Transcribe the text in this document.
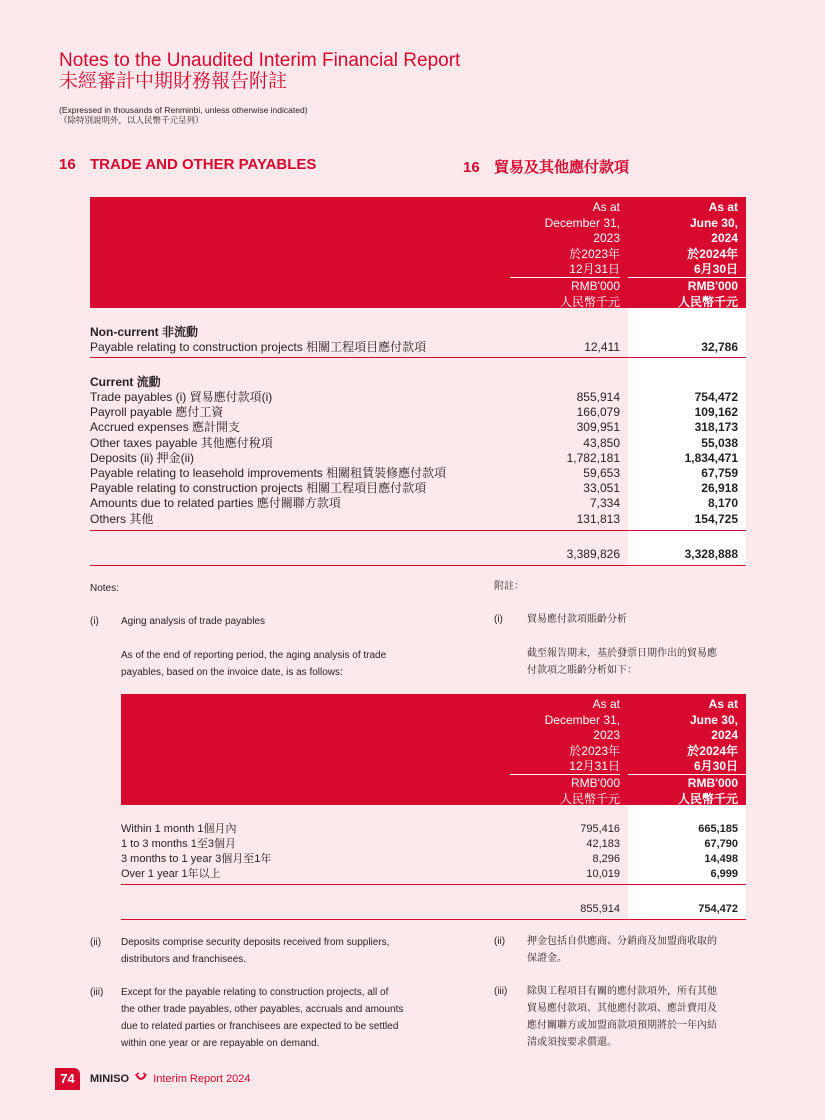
Notes to the Unaudited Interim Financial Report
未經審計中期財務報告附註
(Expressed in thousands of Renminbi, unless otherwise indicated)
（除特別說明外，以人民幣千元呈列）
16 TRADE AND OTHER PAYABLES	16 貿易及其他應付款項
As at
December 31,
2023
於2023年
12月31日
RMB'000
人民幣千元
As at
June 30,
2024
於2024年
6月30日
RMB'000
人民幣千元
Non-current 非流動
Payable relating to construction projects 相關工程項目應付款項	12,411	32,786
Current 流動
Trade payables (i) 貿易應付款項(i)	855,914	754,472
Payroll payable 應付工資	166,079	109,162
Accrued expenses 應計開支	309,951	318,173
Other taxes payable 其他應付稅項	43,850	55,038
Deposits (ii) 押金(ii)	1,782,181	1,834,471
Payable relating to leasehold improvements 相關租賃裝修應付款項	59,653	67,759
Payable relating to construction projects 相關工程項目應付款項	33,051	26,918
Amounts due to related parties 應付關聯方款項	7,334	8,170
Others 其他	131,813	154,725
3,389,826	3,328,888
Notes:	附註：
(i) Aging analysis of trade payables	(i) 貿易應付款項賬齡分析
As of the end of reporting period, the aging analysis of trade
payables, based on the invoice date, is as follows:
截至報告期末，基於發票日期作出的貿易應
付款項之賬齡分析如下：
As at
December 31,
2023
於2023年
12月31日
RMB'000
人民幣千元
As at
June 30,
2024
於2024年
6月30日
RMB'000
人民幣千元
Within 1 month 1個月內	795,416	665,185
1 to 3 months 1至3個月	42,183	67,790
3 months to 1 year 3個月至1年	8,296	14,498
Over 1 year 1年以上	10,019	6,999
855,914	754,472
(ii) Deposits comprise security deposits received from suppliers,
distributors and franchisees.
(ii) 押金包括自供應商、分銷商及加盟商收取的
保證金。
(iii) Except for the payable relating to construction projects, all of
the other trade payables, other payables, accruals and amounts
due to related parties or franchisees are expected to be settled
within one year or are repayable on demand.
(iii) 除與工程項目有關的應付款項外，所有其他
貿易應付款項、其他應付款項、應計費用及
應付關聯方或加盟商款項預期將於一年內結
清或須按要求償還。
74	MINISO Interim Report 2024
